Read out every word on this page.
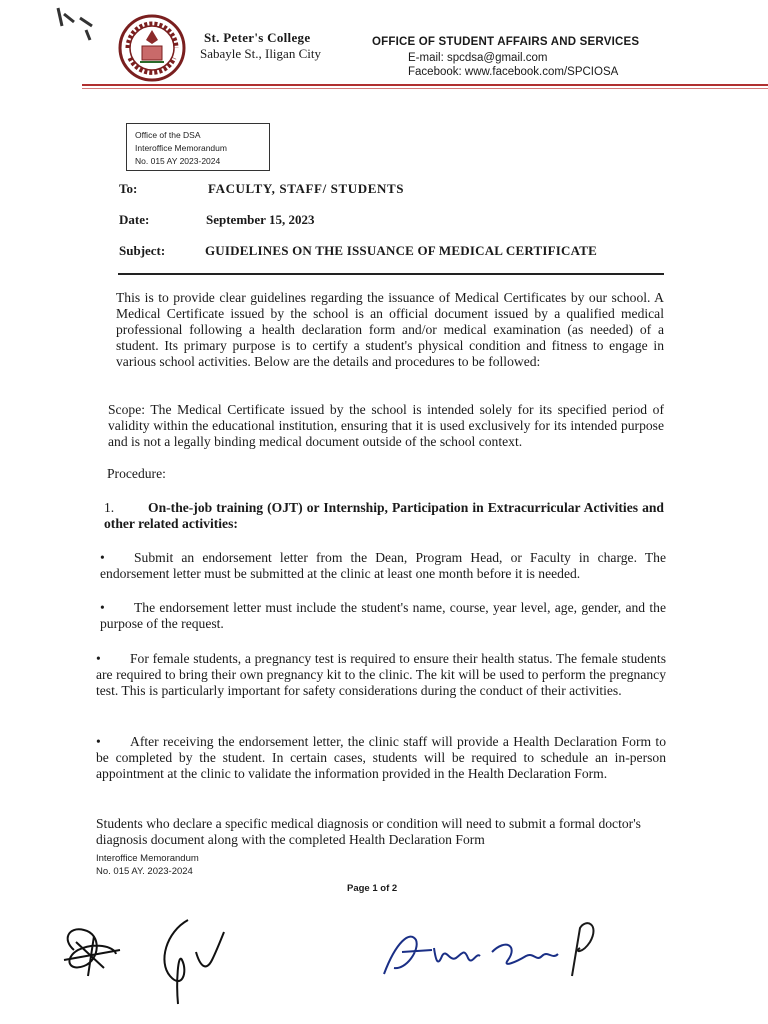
St. Peter's College
Sabayle St., Iligan City
OFFICE OF STUDENT AFFAIRS AND SERVICES
E-mail: spcdsa@gmail.com
Facebook: www.facebook.com/SPCIOSA
Office of the DSA
Interoffice Memorandum
No. 015 AY 2023-2024
To:	FACULTY, STAFF/ STUDENTS
Date:	September 15, 2023
Subject:	GUIDELINES ON THE ISSUANCE OF MEDICAL CERTIFICATE
This is to provide clear guidelines regarding the issuance of Medical Certificates by our school. A Medical Certificate issued by the school is an official document issued by a qualified medical professional following a health declaration form and/or medical examination (as needed) of a student. Its primary purpose is to certify a student's physical condition and fitness to engage in various school activities. Below are the details and procedures to be followed:
Scope: The Medical Certificate issued by the school is intended solely for its specified period of validity within the educational institution, ensuring that it is used exclusively for its intended purpose and is not a legally binding medical document outside of the school context.
Procedure:
1. On-the-job training (OJT) or Internship, Participation in Extracurricular Activities and other related activities:
• Submit an endorsement letter from the Dean, Program Head, or Faculty in charge. The endorsement letter must be submitted at the clinic at least one month before it is needed.
• The endorsement letter must include the student's name, course, year level, age, gender, and the purpose of the request.
• For female students, a pregnancy test is required to ensure their health status. The female students are required to bring their own pregnancy kit to the clinic. The kit will be used to perform the pregnancy test. This is particularly important for safety considerations during the conduct of their activities.
• After receiving the endorsement letter, the clinic staff will provide a Health Declaration Form to be completed by the student. In certain cases, students will be required to schedule an in-person appointment at the clinic to validate the information provided in the Health Declaration Form.
Students who declare a specific medical diagnosis or condition will need to submit a formal doctor's diagnosis document along with the completed Health Declaration Form
Interoffice Memorandum
No. 015 AY. 2023-2024
Page 1 of 2
